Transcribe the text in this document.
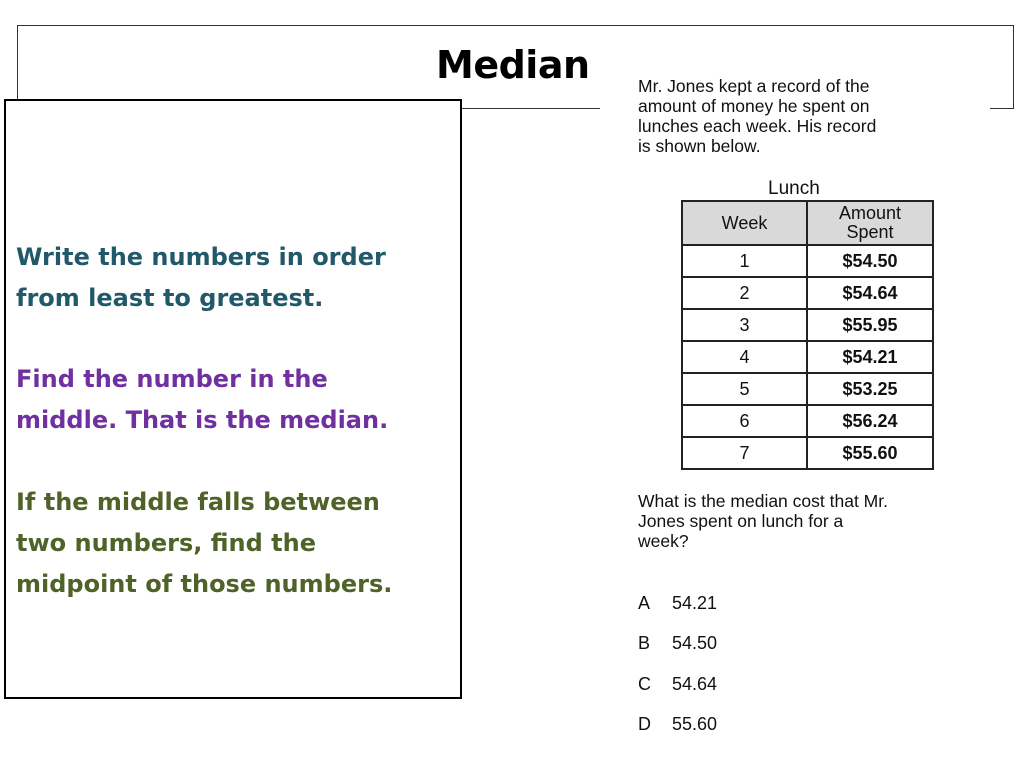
Median
Write the numbers in order
from least to greatest.
Find the number in the
middle. That is the median.
If the middle falls between
two numbers, find the
midpoint of those numbers.
Mr. Jones kept a record of the
amount of money he spent on
lunches each week. His record
is shown below.
Lunch
Week	Amount
Spent
1	$54.50
2	$54.64
3	$55.95
4	$54.21
5	$53.25
6	$56.24
7	$55.60
What is the median cost that Mr.
Jones spent on lunch for a
week?
A 54.21
B 54.50
C 54.64
D 55.60
